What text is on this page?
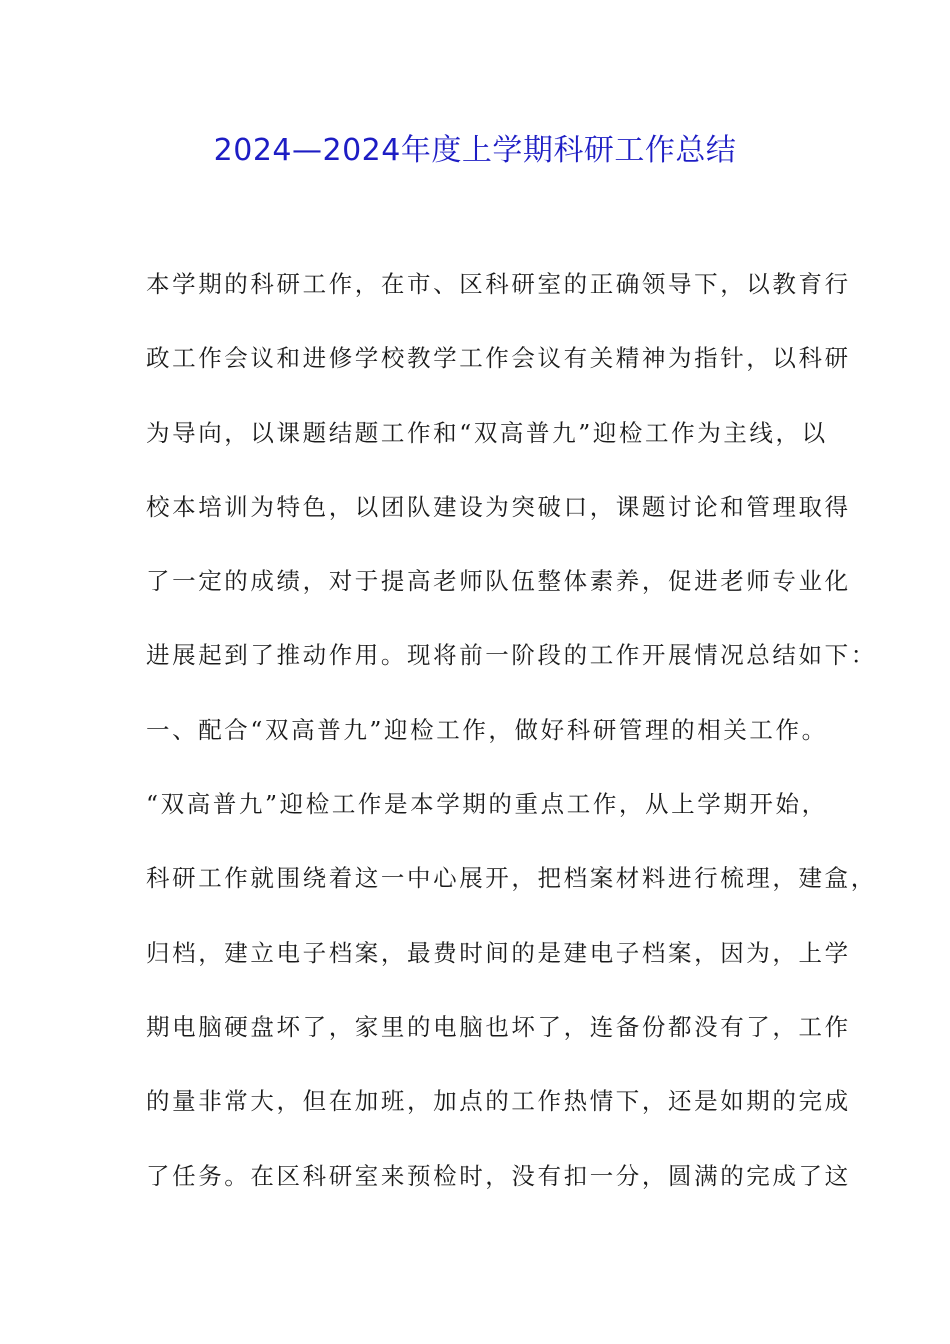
2024—2024年度上学期科研工作总结
本学期的科研工作，在市、区科研室的正确领导下，以教育行
政工作会议和进修学校教学工作会议有关精神为指针，以科研
为导向，以课题结题工作和“双高普九”迎检工作为主线，以
校本培训为特色，以团队建设为突破口，课题讨论和管理取得
了一定的成绩，对于提高老师队伍整体素养，促进老师专业化
进展起到了推动作用。现将前一阶段的工作开展情况总结如下：
一、配合“双高普九”迎检工作，做好科研管理的相关工作。
“双高普九”迎检工作是本学期的重点工作，从上学期开始，
科研工作就围绕着这一中心展开，把档案材料进行梳理，建盒，
归档，建立电子档案，最费时间的是建电子档案，因为，上学
期电脑硬盘坏了，家里的电脑也坏了，连备份都没有了，工作
的量非常大，但在加班，加点的工作热情下，还是如期的完成
了任务。在区科研室来预检时，没有扣一分，圆满的完成了这
